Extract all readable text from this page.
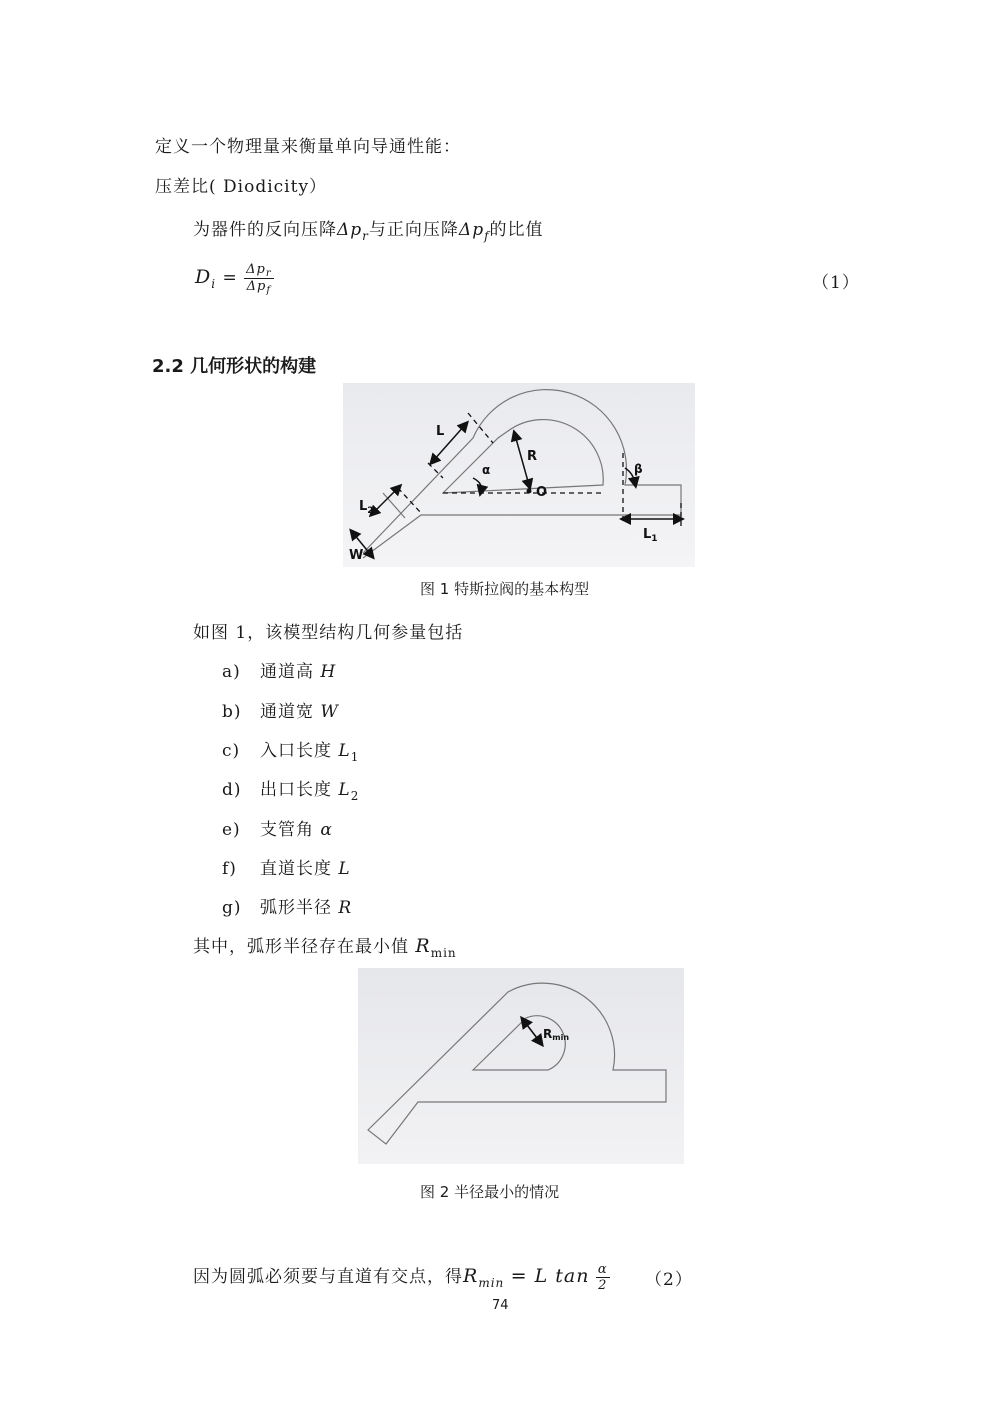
定义一个物理量来衡量单向导通性能：
压差比( Diodicity）
为器件的反向压降$\Delta p_r$与正向压降$\Delta p_f$的比值
$D_i = \frac{\Delta p_r}{\Delta p_f}$	（1）
2.2 几何形状的构建
L
R
α
O
β
$L_2$
W
$L_1$
图 1 特斯拉阀的基本构型
如图 1，该模型结构几何参量包括
a) 通道高 H
b) 通道宽 W
c) 入口长度 $L_1$
d) 出口长度 $L_2$
e) 支管角 α
f) 直道长度 L
g) 弧形半径 R
其中，弧形半径存在最小值 $R_{min}$
Rmin
图 2 半径最小的情况
因为圆弧必须要与直道有交点，得$R_{min} = L$ $\tan \frac{\alpha}{2} (2)$
74
